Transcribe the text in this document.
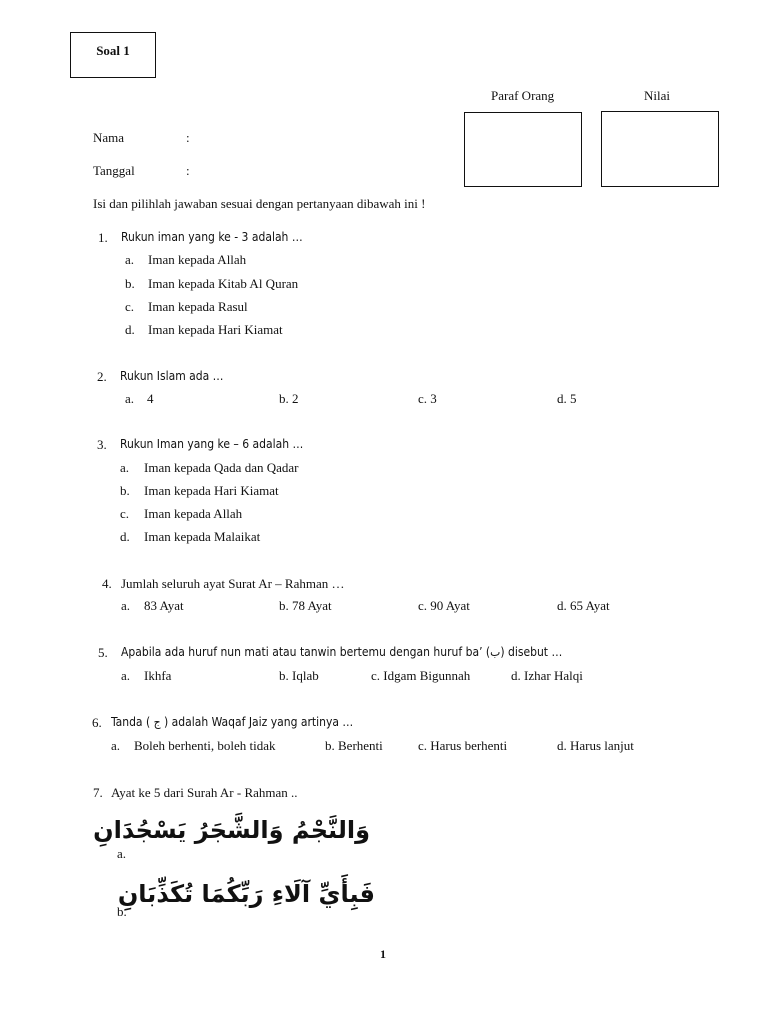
Soal 1
Paraf Orang	Nilai
Nama	:
Tanggal	:
Isi dan pilihlah jawaban sesuai dengan pertanyaan dibawah ini !
1. Rukun iman yang ke - 3 adalah …
a. Iman kepada Allah
b. Iman kepada Kitab Al Quran
c. Iman kepada Rasul
d. Iman kepada Hari Kiamat
2. Rukun Islam ada …
a. 4	b. 2	c. 3	d. 5
3. Rukun Iman yang ke – 6 adalah …
a. Iman kepada Qada dan Qadar
b. Iman kepada Hari Kiamat
c. Iman kepada Allah
d. Iman kepada Malaikat
4. Jumlah seluruh ayat Surat Ar – Rahman …
a. 83 Ayat	b. 78 Ayat	c. 90 Ayat	d. 65 Ayat
5. Apabila ada huruf nun mati atau tanwin bertemu dengan huruf ba’ (ب) disebut …
a. Ikhfa	b. Iqlab	c. Idgam Bigunnah	d. Izhar Halqi
6. Tanda ( ج ) adalah Waqaf Jaiz yang artinya …
a. Boleh berhenti, boleh tidak	b. Berhenti	c. Harus berhenti	d. Harus lanjut
7. Ayat ke 5 dari Surah Ar - Rahman ..
a.
وَالنَّجْمُ وَالشَّجَرُ يَسْجُدَانِ
b.
فَبِأَيِّ آلَاءِ رَبِّكُمَا تُكَذِّبَانِ
1
